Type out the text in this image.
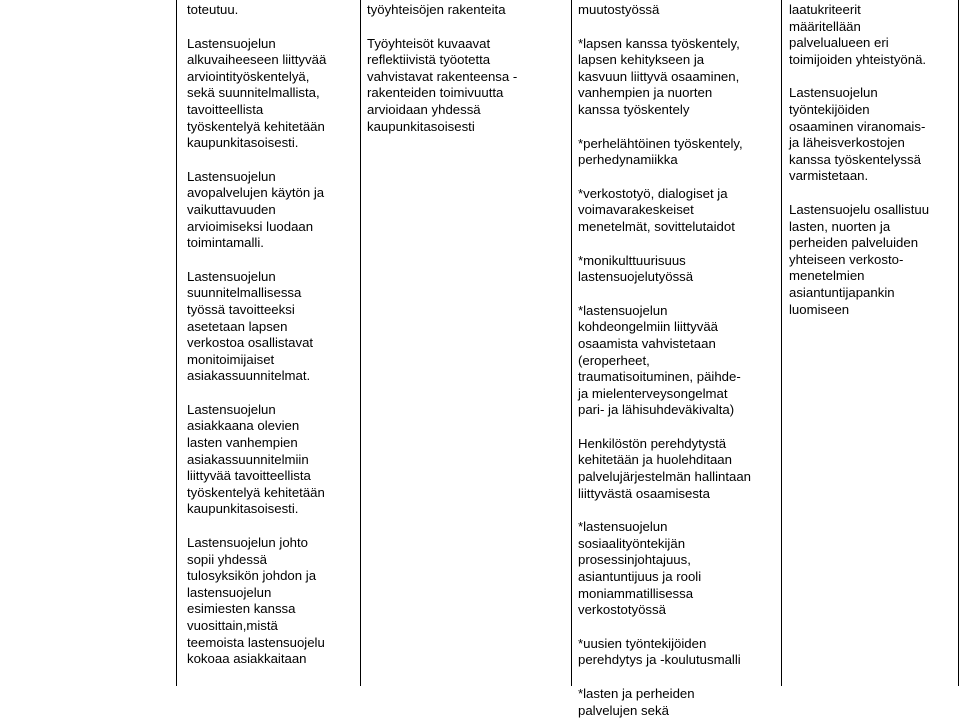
toteutuu.

Lastensuojelun
alkuvaiheeseen liittyvää
arviointityöskentelyä,
sekä suunnitelmallista,
tavoitteellista
työskentelyä kehitetään
kaupunkitasoisesti.

Lastensuojelun
avopalvelujen käytön ja
vaikuttavuuden
arvioimiseksi luodaan
toimintamalli.

Lastensuojelun
suunnitelmallisessa
työssä tavoitteeksi
asetetaan lapsen
verkostoa osallistavat
monitoimijaiset
asiakassuunnitelmat.

Lastensuojelun
asiakkaana olevien
lasten vanhempien
asiakassuunnitelmiin
liittyvää tavoitteellista
työskentelyä kehitetään
kaupunkitasoisesti.

Lastensuojelun johto
sopii yhdessä
tulosyksikön johdon ja
lastensuojelun
esimiesten kanssa
vuosittain,mistä
teemoista lastensuojelu
kokoaa asiakkaitaan

työyhteisöjen rakenteita

Työyhteisöt kuvaavat
reflektiivistä työotetta
vahvistavat rakenteensa -
rakenteiden toimivuutta
arvioidaan yhdessä
kaupunkitasoisesti

muutostyössä

*lapsen kanssa työskentely,
lapsen kehitykseen ja
kasvuun liittyvä osaaminen,
vanhempien ja nuorten
kanssa työskentely

*perhelähtöinen työskentely,
perhedynamiikka

*verkostotyö, dialogiset ja
voimavarakeskeiset
menetelmät, sovittelutaidot

*monikulttuurisuus
lastensuojelutyössä

*lastensuojelun
kohdeongelmiin liittyvää
osaamista vahvistetaan
(eroperheet,
traumatisoituminen, päihde-
ja mielenterveysongelmat
pari- ja lähisuhdeväkivalta)

Henkilöstön perehdytystä
kehitetään ja huolehditaan
palvelujärjestelmän hallintaan
liittyvästä osaamisesta

*lastensuojelun
sosiaalityöntekijän
prosessinjohtajuus,
asiantuntijuus ja rooli
moniammatillisessa
verkostotyössä

*uusien työntekijöiden
perehdytys ja -koulutusmalli

*lasten ja perheiden
palvelujen sekä

laatukriteerit
määritellään
palvelualueen eri
toimijoiden yhteistyönä.

Lastensuojelun
työntekijöiden
osaaminen viranomais-
ja läheisverkostojen
kanssa työskentelyssä
varmistetaan.

Lastensuojelu osallistuu
lasten, nuorten ja
perheiden palveluiden
yhteiseen verkosto-
menetelmien
asiantuntijapankin
luomiseen
